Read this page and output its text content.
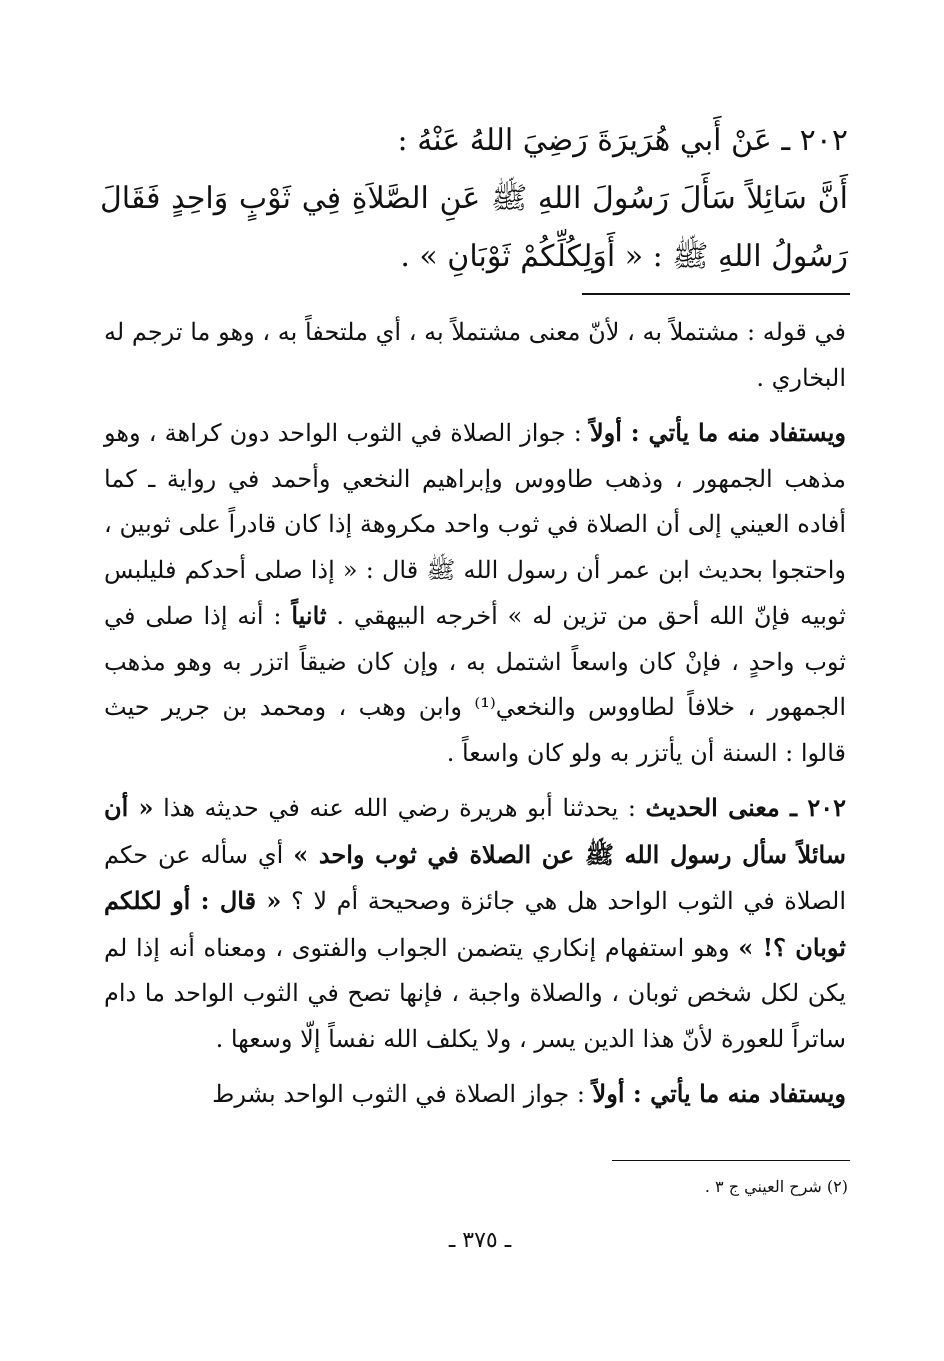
٢٠٢ ـ عَنْ أَبي هُرَيرَةَ رَضِيَ اللهُ عَنْهُ :

أَنَّ سَائِلاً سَأَلَ رَسُولَ اللهِ ﷺ عَنِ الصَّلاَةِ فِي ثَوْبٍ وَاحِدٍ فَقَالَ رَسُولُ اللهِ ﷺ : « أَوَلِكُلِّكُمْ ثَوْبَانِ » .

في قوله : مشتملاً به ، لأنّ معنى مشتملاً به ، أي ملتحفاً به ، وهو ما ترجم له البخاري .

ويستفاد منه ما يأتي : أولاً : جواز الصلاة في الثوب الواحد دون كراهة ، وهو مذهب الجمهور ، وذهب طاووس وإبراهيم النخعي وأحمد في رواية ـ كما أفاده العيني إلى أن الصلاة في ثوب واحد مكروهة إذا كان قادراً على ثوبين ، واحتجوا بحديث ابن عمر أن رسول الله ﷺ قال : « إذا صلى أحدكم فليلبس ثوبيه فإنّ الله أحق من تزين له » أخرجه البيهقي . ثانياً : أنه إذا صلى في ثوب واحدٍ ، فإنْ كان واسعاً اشتمل به ، وإن كان ضيقاً اتزر به وهو مذهب الجمهور ، خلافاً لطاووس والنخعي⁽¹⁾ وابن وهب ، ومحمد بن جرير حيث قالوا : السنة أن يأتزر به ولو كان واسعاً .

٢٠٢ ـ معنى الحديث : يحدثنا أبو هريرة رضي الله عنه في حديثه هذا « أن سائلاً سأل رسول الله ﷺ عن الصلاة في ثوب واحد » أي سأله عن حكم الصلاة في الثوب الواحد هل هي جائزة وصحيحة أم لا ؟ « قال : أو لكلكم ثوبان ؟! » وهو استفهام إنكاري يتضمن الجواب والفتوى ، ومعناه أنه إذا لم يكن لكل شخص ثوبان ، والصلاة واجبة ، فإنها تصح في الثوب الواحد ما دام ساتراً للعورة لأنّ هذا الدين يسر ، ولا يكلف الله نفساً إلّا وسعها .

ويستفاد منه ما يأتي : أولاً : جواز الصلاة في الثوب الواحد بشرط

(٢) شرح العيني ج ٣ .
ـ ٣٧٥ ـ
